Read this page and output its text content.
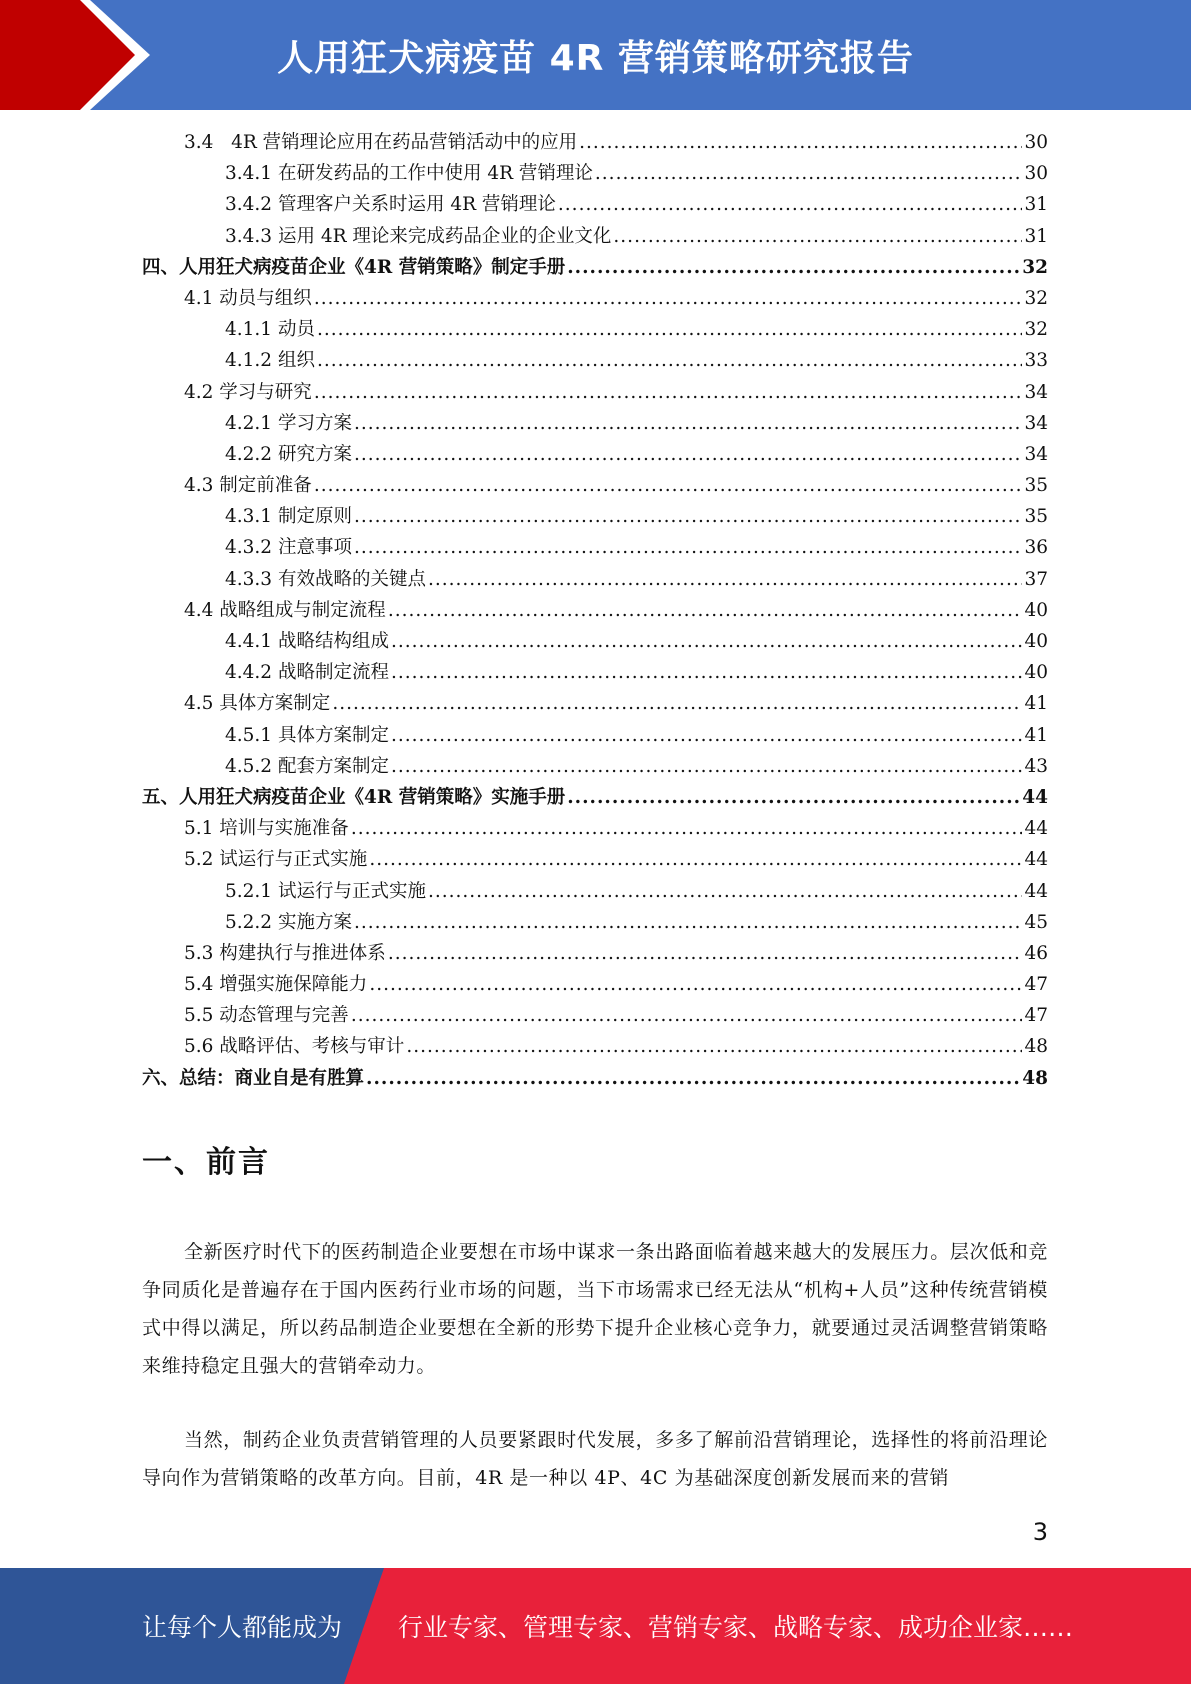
人用狂犬病疫苗 4R 营销策略研究报告
3.4   4R 营销理论应用在药品营销活动中的应用 .....	30
3.4.1 在研发药品的工作中使用 4R 营销理论 .....	30
3.4.2 管理客户关系时运用 4R 营销理论 .....	31
3.4.3 运用 4R 理论来完成药品企业的企业文化 .....	31
四、人用狂犬病疫苗企业《4R 营销策略》制定手册 .....	32
4.1 动员与组织 .....	32
4.1.1 动员 .....	32
4.1.2 组织 .....	33
4.2 学习与研究 .....	34
4.2.1 学习方案 .....	34
4.2.2 研究方案 .....	34
4.3 制定前准备 .....	35
4.3.1 制定原则 .....	35
4.3.2 注意事项 .....	36
4.3.3 有效战略的关键点 .....	37
4.4 战略组成与制定流程 .....	40
4.4.1 战略结构组成 .....	40
4.4.2 战略制定流程 .....	40
4.5 具体方案制定 .....	41
4.5.1 具体方案制定 .....	41
4.5.2 配套方案制定 .....	43
五、人用狂犬病疫苗企业《4R 营销策略》实施手册 .....	44
5.1 培训与实施准备 .....	44
5.2 试运行与正式实施 .....	44
5.2.1 试运行与正式实施 .....	44
5.2.2 实施方案 .....	45
5.3 构建执行与推进体系 .....	46
5.4 增强实施保障能力 .....	47
5.5 动态管理与完善 .....	47
5.6 战略评估、考核与审计 .....	48
六、总结：商业自是有胜算 .....	48
一、前言
全新医疗时代下的医药制造企业要想在市场中谋求一条出路面临着越来越大的发展压力。层次低和竞争同质化是普遍存在于国内医药行业市场的问题，当下市场需求已经无法从“机构+人员”这种传统营销模式中得以满足，所以药品制造企业要想在全新的形势下提升企业核心竞争力，就要通过灵活调整营销策略来维持稳定且强大的营销牵动力。
当然，制药企业负责营销管理的人员要紧跟时代发展，多多了解前沿营销理论，选择性的将前沿理论导向作为营销策略的改革方向。目前，4R 是一种以 4P、4C 为基础深度创新发展而来的营销
3
让每个人都能成为 行业专家、管理专家、营销专家、战略专家、成功企业家……
